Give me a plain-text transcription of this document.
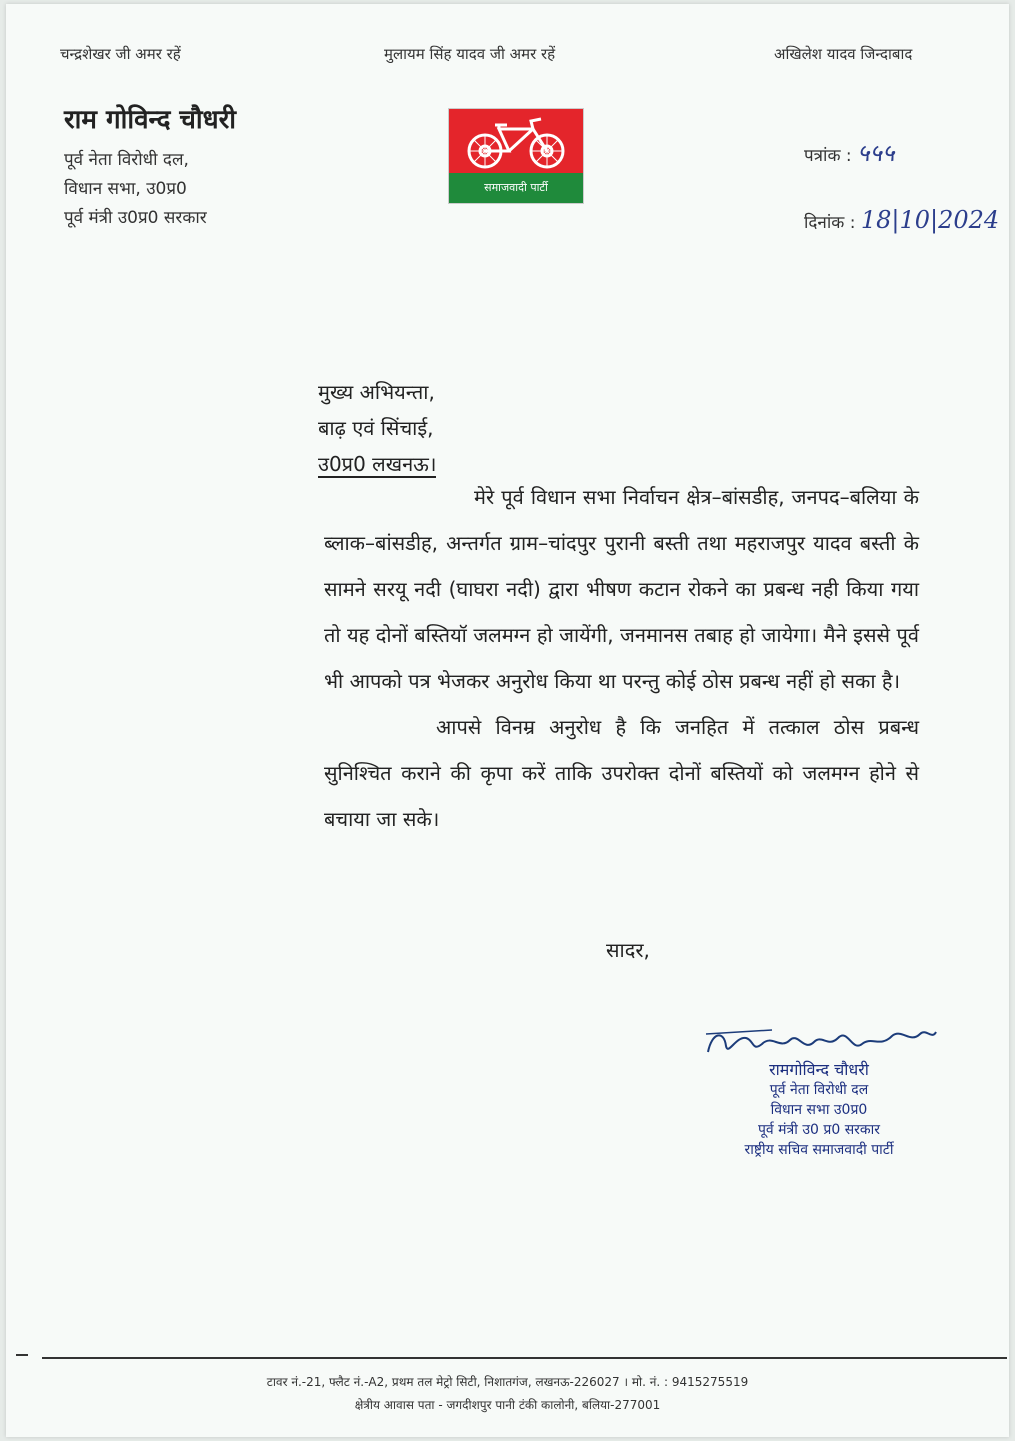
चन्द्रशेखर जी अमर रहें	मुलायम सिंह यादव जी अमर रहें	अखिलेश यादव जिन्दाबाद
राम गोविन्द चौधरी
पूर्व नेता विरोधी दल,
विधान सभा, उ0प्र0
पूर्व मंत्री उ0प्र0 सरकार
समाजवादी पार्टी
पत्रांक : ५५५
दिनांक : 18|10|2024
मुख्य अभियन्ता,
बाढ़ एवं सिंचाई,
उ0प्र0 लखनऊ।

मेरे पूर्व विधान सभा निर्वाचन क्षेत्र–बांसडीह, जनपद–बलिया के ब्लाक–बांसडीह, अन्तर्गत ग्राम–चांदपुर पुरानी बस्ती तथा महराजपुर यादव बस्ती के सामने सरयू नदी (घाघरा नदी) द्वारा भीषण कटान रोकने का प्रबन्ध नही किया गया तो यह दोनों बस्तियॉ जलमग्न हो जायेंगी, जनमानस तबाह हो जायेगा। मैने इससे पूर्व भी आपको पत्र भेजकर अनुरोध किया था परन्तु कोई ठोस प्रबन्ध नहीं हो सका है।

आपसे विनम्र अनुरोध है कि जनहित में तत्काल ठोस प्रबन्ध सुनिश्चित कराने की कृपा करें ताकि उपरोक्त दोनों बस्तियों को जलमग्न होने से बचाया जा सके।

सादर,
रामगोविन्द चौधरी
पूर्व नेता विरोधी दल
विधान सभा उ0प्र0
पूर्व मंत्री उ0 प्र0 सरकार
राष्ट्रीय सचिव समाजवादी पार्टी
टावर नं.-21, फ्लैट नं.-A2, प्रथम तल मेट्रो सिटी, निशातगंज, लखनऊ-226027 । मो. नं. : 9415275519
क्षेत्रीय आवास पता - जगदीशपुर पानी टंकी कालोनी, बलिया-277001
